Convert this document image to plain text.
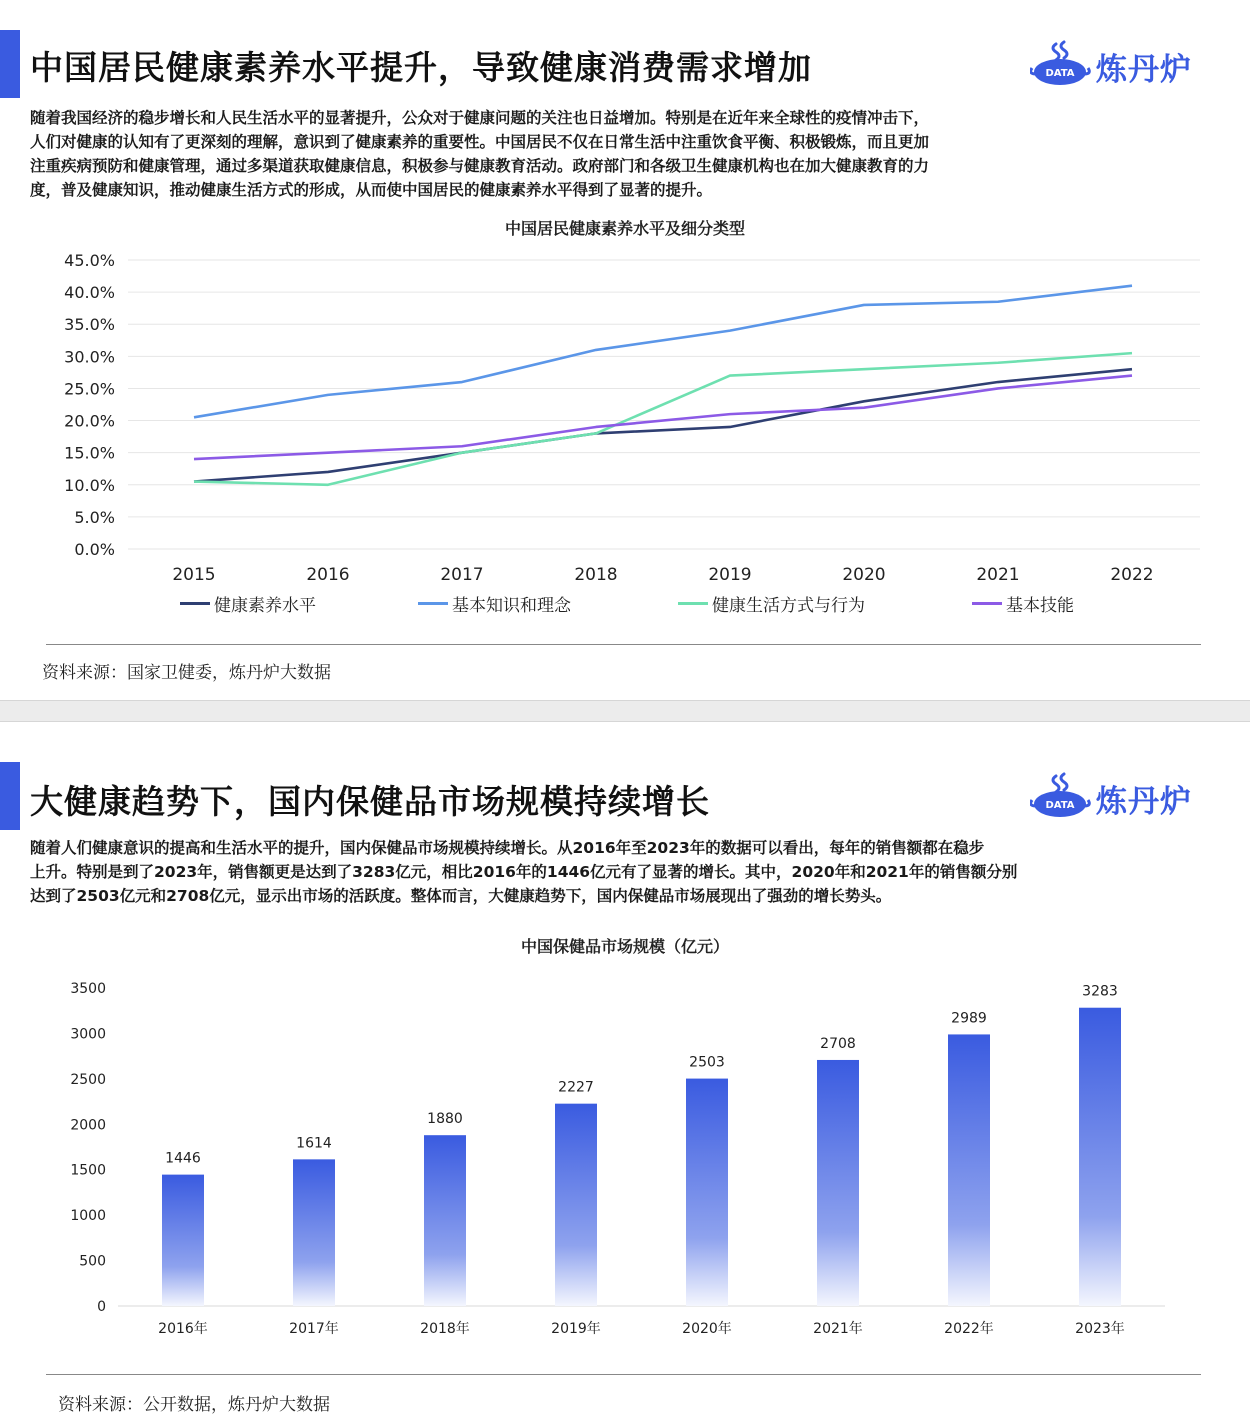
中国居民健康素养水平提升，导致健康消费需求增加	DATA 炼丹炉
随着我国经济的稳步增长和人民生活水平的显著提升，公众对于健康问题的关注也日益增加。特别是在近年来全球性的疫情冲击下，
人们对健康的认知有了更深刻的理解，意识到了健康素养的重要性。中国居民不仅在日常生活中注重饮食平衡、积极锻炼，而且更加
注重疾病预防和健康管理，通过多渠道获取健康信息，积极参与健康教育活动。政府部门和各级卫生健康机构也在加大健康教育的力
度，普及健康知识，推动健康生活方式的形成，从而使中国居民的健康素养水平得到了显著的提升。
中国居民健康素养水平及细分类型
0.0%
5.0%
10.0%
15.0%
20.0%
25.0%
30.0%
35.0%
40.0%
45.0%
2015	2016	2017	2018	2019	2020	2021	2022
健康素养水平	基本知识和理念	健康生活方式与行为	基本技能
资料来源：国家卫健委，炼丹炉大数据
大健康趋势下，国内保健品市场规模持续增长	DATA 炼丹炉
随着人们健康意识的提高和生活水平的提升，国内保健品市场规模持续增长。从2016年至2023年的数据可以看出，每年的销售额都在稳步
上升。特别是到了2023年，销售额更是达到了3283亿元，相比2016年的1446亿元有了显著的增长。其中，2020年和2021年的销售额分别
达到了2503亿元和2708亿元，显示出市场的活跃度。整体而言，大健康趋势下，国内保健品市场展现出了强劲的增长势头。
中国保健品市场规模（亿元）
0
500
1000
1500
2000
2500
3000
3500
1446
2016年
1614
2017年
1880
2018年
2227
2019年
2503
2020年
2708
2021年
2989
2022年
3283
2023年
资料来源：公开数据，炼丹炉大数据
